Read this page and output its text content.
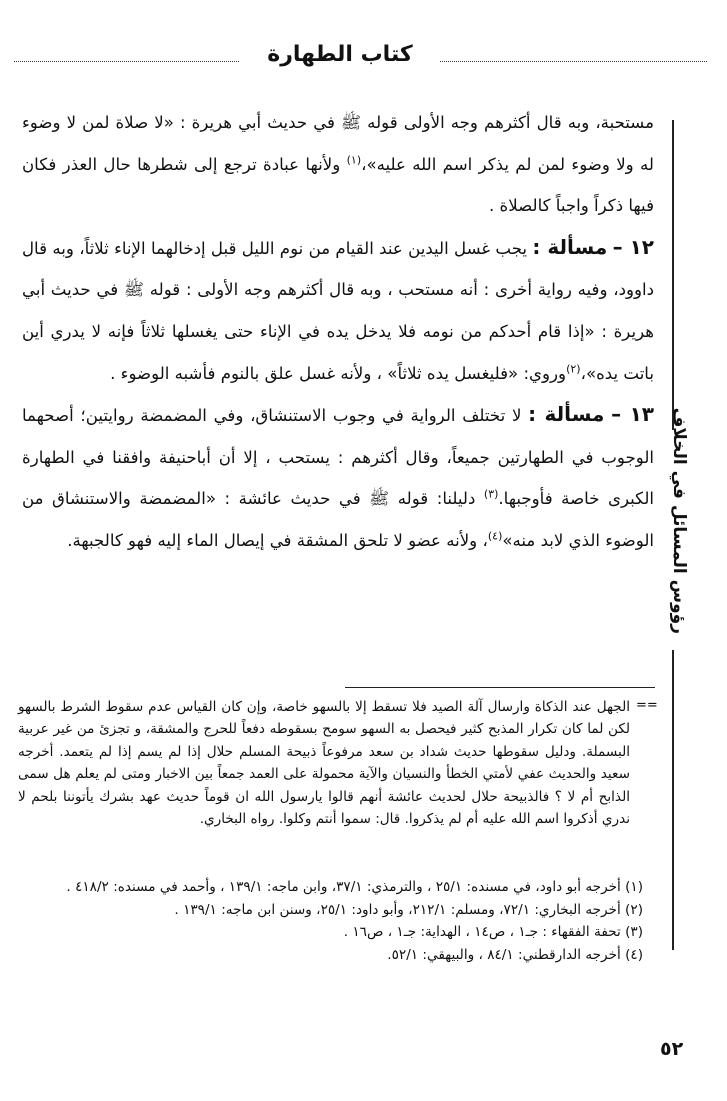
كتاب الطهارة
رؤوس المسائل في الخلاف

مستحبة، وبه قال أكثرهم وجه الأولى قوله ﷺ في حديث أبي هريرة : «لا صلاة لمن لا وضوء له ولا وضوء لمن لم يذكر اسم الله عليه»،$^{(١)}$ ولأنها عبادة ترجع إلى شطرها حال العذر فكان فيها ذكراً واجباً كالصلاة .

١٢ – مسألة : يجب غسل اليدين عند القيام من نوم الليل قبل إدخالهما الإناء ثلاثاً، وبه قال داوود، وفيه رواية أخرى : أنه مستحب ، وبه قال أكثرهم وجه الأولى : قوله ﷺ في حديث أبي هريرة : «إذا قام أحدكم من نومه فلا يدخل يده في الإناء حتى يغسلها ثلاثاً فإنه لا يدري أين باتت يده»،$^{(٢)}$وروي: «فليغسل يده ثلاثاً» ، ولأنه غسل علق بالنوم فأشبه الوضوء .

١٣ – مسألة : لا تختلف الرواية في وجوب الاستنشاق، وفي المضمضة روايتين؛ أصحهما الوجوب في الطهارتين جميعاً، وقال أكثرهم : يستحب ، إلا أن أباحنيفة وافقنا في الطهارة الكبرى خاصة فأوجبها.$^{(٣)}$ دليلنا: قوله ﷺ في حديث عائشة : «المضمضة والاستنشاق من الوضوء الذي لابد منه»$^{(٤)}$، ولأنه عضو لا تلحق المشقة في إيصال الماء إليه فهو كالجبهة.

==

الجهل عند الذكاة وارسال آلة الصيد فلا تسقط إلا بالسهو خاصة، وإن كان القياس عدم سقوط الشرط بالسهو لكن لما كان تكرار المذبح كثير فيحصل به السهو سومح بسقوطه دفعاً للحرج والمشقة، و تجزئ من غير عربية البسملة. ودليل سقوطها حديث شداد بن سعد مرفوعاً ذبيحة المسلم حلال إذا لم يسم إذا لم يتعمد. أخرجه سعيد والحديث عفي لأمتي الخطأ والنسيان والآية محمولة على العمد جمعاً بين الاخبار ومتى لم يعلم هل سمى الذابح أم لا ؟ فالذبيحة حلال لحديث عائشة أنهم قالوا يارسول الله ان قوماً حديث عهد بشرك يأتوننا بلحم لا ندري أذكروا اسم الله عليه أم لم يذكروا. قال: سموا أنتم وكلوا. رواه البخاري.

(١) أخرجه أبو داود، في مسنده: ٢٥/١ ، والترمذي: ٣٧/١، وابن ماجه: ١٣٩/١ ، وأحمد في مسنده: ٤١٨/٢ .

(٢) أخرجه البخاري: ٧٢/١، ومسلم: ٢١٢/١، وأبو داود: ٢٥/١، وسنن ابن ماجه: ١٣٩/١ .

(٣) تحفة الفقهاء : جـ١ ، ص١٤ ، الهداية: جـ١ ، ص١٦ .

(٤) أخرجه الدارقطني: ٨٤/١ ، والبيهقي: ٥٢/١.

٥٢
